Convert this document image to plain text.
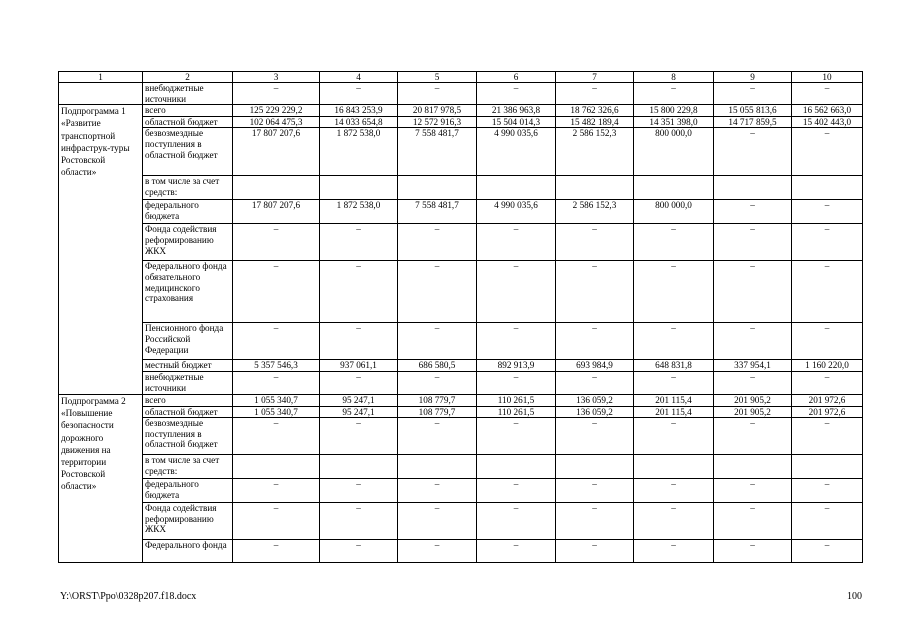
1	2	3	4	5	6	7	8	9	10
	внебюджетные источники	–	–	–	–	–	–	–	–
Подпрограмма 1 «Развитие транспортной инфраструк-туры Ростовской области»	всего	125 229 229,2	16 843 253,9	20 817 978,5	21 386 963,8	18 762 326,6	15 800 229,8	15 055 813,6	16 562 663,0
	областной бюджет	102 064 475,3	14 033 654,8	12 572 916,3	15 504 014,3	15 482 189,4	14 351 398,0	14 717 859,5	15 402 443,0
	безвозмездные поступления в областной бюджет	17 807 207,6	1 872 538,0	7 558 481,7	4 990 035,6	2 586 152,3	800 000,0	–	–
	в том числе за счет средств:								
	федерального бюджета	17 807 207,6	1 872 538,0	7 558 481,7	4 990 035,6	2 586 152,3	800 000,0	–	–
	Фонда содействия реформированию ЖКХ	–	–	–	–	–	–	–	–
	Федерального фонда обязательного медицинского страхования	–	–	–	–	–	–	–	–
	Пенсионного фонда Российской Федерации	–	–	–	–	–	–	–	–
	местный бюджет	5 357 546,3	937 061,1	686 580,5	892 913,9	693 984,9	648 831,8	337 954,1	1 160 220,0
	внебюджетные источники	–	–	–	–	–	–	–	–
Подпрограмма 2 «Повышение безопасности дорожного движения на территории Ростовской области»	всего	1 055 340,7	95 247,1	108 779,7	110 261,5	136 059,2	201 115,4	201 905,2	201 972,6
	областной бюджет	1 055 340,7	95 247,1	108 779,7	110 261,5	136 059,2	201 115,4	201 905,2	201 972,6
	безвозмездные поступления в областной бюджет	–	–	–	–	–	–	–	–
	в том числе за счет средств:								
	федерального бюджета	–	–	–	–	–	–	–	–
	Фонда содействия реформированию ЖКХ	–	–	–	–	–	–	–	–
	Федерального фонда	–	–	–	–	–	–	–	–
Y:\ORST\Ppo\0328p207.f18.docx	100
